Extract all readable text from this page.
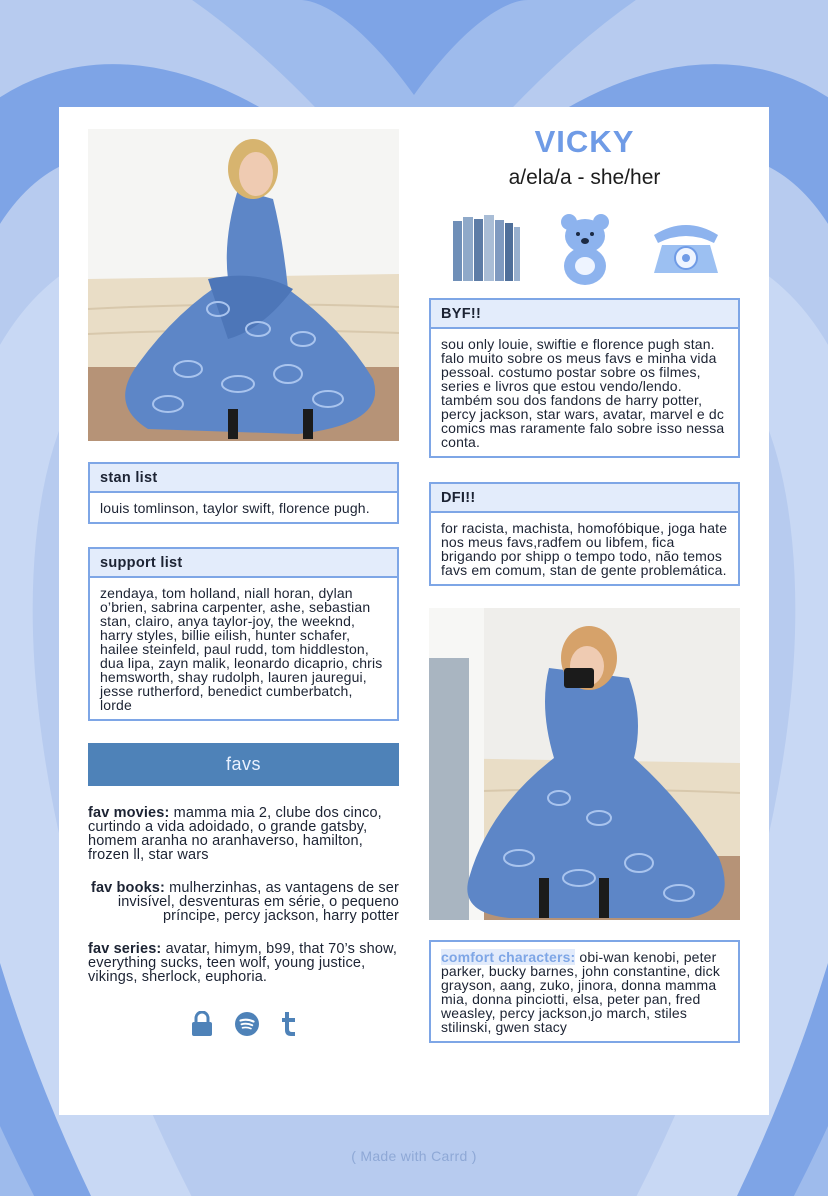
stan list
louis tomlinson, taylor swift, florence pugh.
support list
zendaya, tom holland, niall horan, dylan o’brien, sabrina carpenter, ashe, sebastian stan, clairo, anya taylor-joy, the weeknd, harry styles, billie eilish, hunter schafer, hailee steinfeld, paul rudd, tom hiddleston, dua lipa, zayn malik, leonardo dicaprio, chris hemsworth, shay rudolph, lauren jauregui, jesse rutherford, benedict cumberbatch, lorde
favs

fav movies: mamma mia 2, clube dos cinco, curtindo a vida adoidado, o grande gatsby, homem aranha no aranhaverso, hamilton, frozen ll, star wars

fav books: mulherzinhas, as vantagens de ser invisível, desventuras em série, o pequeno príncipe, percy jackson, harry potter

fav series: avatar, himym, b99, that 70’s show, everything sucks, teen wolf, young justice, vikings, sherlock, euphoria.

VICKY
a/ela/a - she/her
BYF!!
sou only louie, swiftie e florence pugh stan. falo muito sobre os meus favs e minha vida pessoal. costumo postar sobre os filmes, series e livros que estou vendo/lendo. também sou dos fandons de harry potter, percy jackson, star wars, avatar, marvel e dc comics mas raramente falo sobre isso nessa conta.
DFI!!
for racista, machista, homofóbique, joga hate nos meus favs,radfem ou libfem, fica brigando por shipp o tempo todo, não temos favs em comum, stan de gente problemática.
comfort characters: obi-wan kenobi, peter parker, bucky barnes, john constantine, dick grayson, aang, zuko, jinora, donna mamma mia, donna pinciotti, elsa, peter pan, fred weasley, percy jackson,jo march, stiles stilinski, gwen stacy
( Made with Carrd )
